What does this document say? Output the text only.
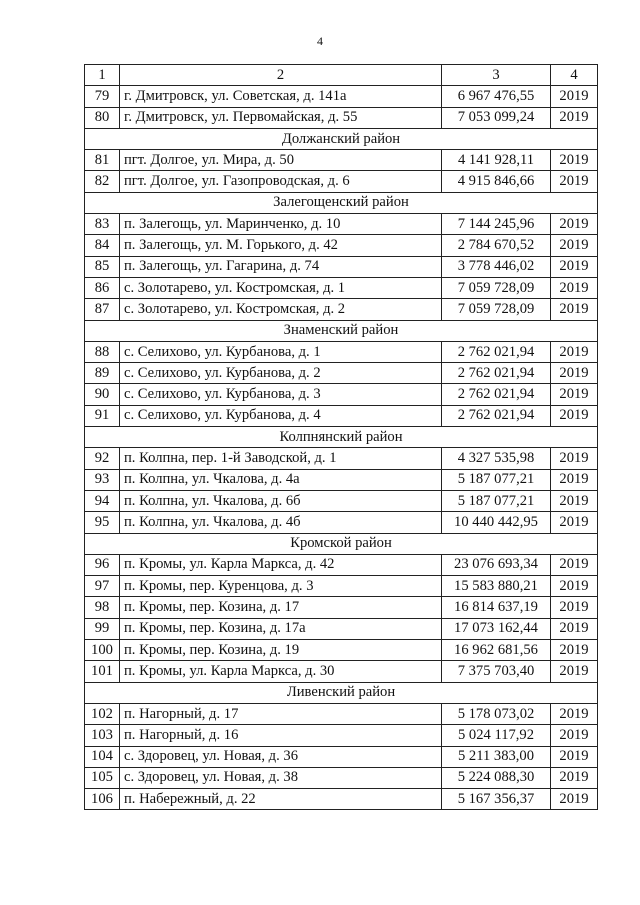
4
1	2	3	4
79	г. Дмитровск, ул. Советская, д. 141а	6 967 476,55	2019
80	г. Дмитровск, ул. Первомайская, д. 55	7 053 099,24	2019
Должанский район			
81	пгт. Долгое, ул. Мира, д. 50	4 141 928,11	2019
82	пгт. Долгое, ул. Газопроводская, д. 6	4 915 846,66	2019
Залегощенский район			
83	п. Залегощь, ул. Маринченко, д. 10	7 144 245,96	2019
84	п. Залегощь, ул. М. Горького, д. 42	2 784 670,52	2019
85	п. Залегощь, ул. Гагарина, д. 74	3 778 446,02	2019
86	с. Золотарево, ул. Костромская, д. 1	7 059 728,09	2019
87	с. Золотарево, ул. Костромская, д. 2	7 059 728,09	2019
Знаменский район			
88	с. Селихово, ул. Курбанова, д. 1	2 762 021,94	2019
89	с. Селихово, ул. Курбанова, д. 2	2 762 021,94	2019
90	с. Селихово, ул. Курбанова, д. 3	2 762 021,94	2019
91	с. Селихово, ул. Курбанова, д. 4	2 762 021,94	2019
Колпнянский район			
92	п. Колпна, пер. 1-й Заводской, д. 1	4 327 535,98	2019
93	п. Колпна, ул. Чкалова, д. 4а	5 187 077,21	2019
94	п. Колпна, ул. Чкалова, д. 6б	5 187 077,21	2019
95	п. Колпна, ул. Чкалова, д. 4б	10 440 442,95	2019
Кромской район			
96	п. Кромы, ул. Карла Маркса, д. 42	23 076 693,34	2019
97	п. Кромы, пер. Куренцова, д. 3	15 583 880,21	2019
98	п. Кромы, пер. Козина, д. 17	16 814 637,19	2019
99	п. Кромы, пер. Козина, д. 17а	17 073 162,44	2019
100	п. Кромы, пер. Козина, д. 19	16 962 681,56	2019
101	п. Кромы, ул. Карла Маркса, д. 30	7 375 703,40	2019
Ливенский район			
102	п. Нагорный, д. 17	5 178 073,02	2019
103	п. Нагорный, д. 16	5 024 117,92	2019
104	с. Здоровец, ул. Новая, д. 36	5 211 383,00	2019
105	с. Здоровец, ул. Новая, д. 38	5 224 088,30	2019
106	п. Набережный, д. 22	5 167 356,37	2019
